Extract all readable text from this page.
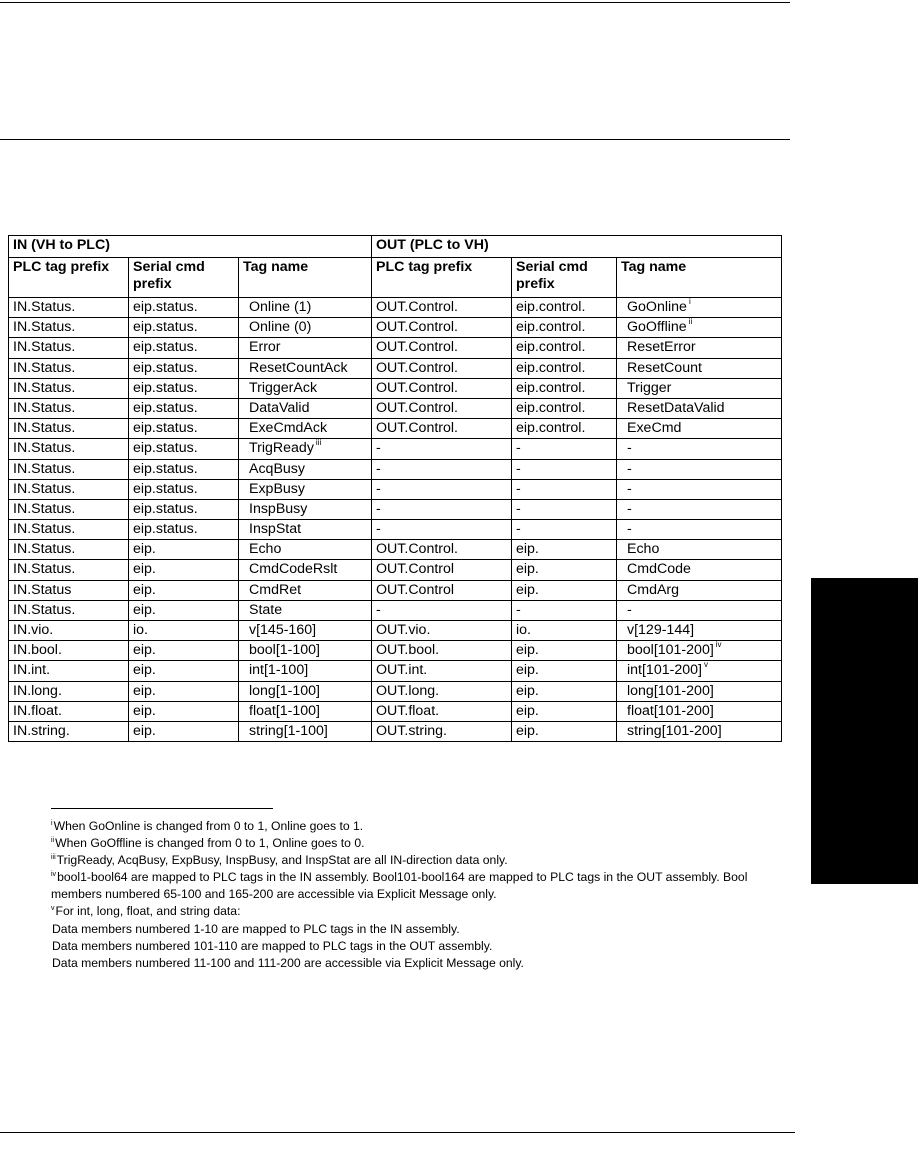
IN (VH to PLC)			OUT (PLC to VH)		
PLC tag prefix	Serial cmd prefix	Tag name	PLC tag prefix	Serial cmd prefix	Tag name
IN.Status.	eip.status.	Online (1)	OUT.Control.	eip.control.	GoOnline $^i$
IN.Status.	eip.status.	Online (0)	OUT.Control.	eip.control.	GoOffline $^{ii}$
IN.Status.	eip.status.	Error	OUT.Control.	eip.control.	ResetError
IN.Status.	eip.status.	ResetCountAck	OUT.Control.	eip.control.	ResetCount
IN.Status.	eip.status.	TriggerAck	OUT.Control.	eip.control.	Trigger
IN.Status.	eip.status.	DataValid	OUT.Control.	eip.control.	ResetDataValid
IN.Status.	eip.status.	ExeCmdAck	OUT.Control.	eip.control.	ExeCmd
IN.Status.	eip.status.	TrigReady $^{iii}$	-	-	-
IN.Status.	eip.status.	AcqBusy	-	-	-
IN.Status.	eip.status.	ExpBusy	-	-	-
IN.Status.	eip.status.	InspBusy	-	-	-
IN.Status.	eip.status.	InspStat	-	-	-
IN.Status.	eip.	Echo	OUT.Control.	eip.	Echo
IN.Status.	eip.	CmdCodeRslt	OUT.Control	eip.	CmdCode
IN.Status	eip.	CmdRet	OUT.Control	eip.	CmdArg
IN.Status.	eip.	State	-	-	-
IN.vio.	io.	v[145-160]	OUT.vio.	io.	v[129-144]
IN.bool.	eip.	bool[1-100]	OUT.bool.	eip.	bool[101-200] $^{iv}$
IN.int.	eip.	int[1-100]	OUT.int.	eip.	int[101-200] $^v$
IN.long.	eip.	long[1-100]	OUT.long.	eip.	long[101-200]
IN.float.	eip.	float[1-100]	OUT.float.	eip.	float[101-200]
IN.string.	eip.	string[1-100]	OUT.string.	eip.	string[101-200]

$^i$When GoOnline is changed from 0 to 1, Online goes to 1.

$^{ii}$When GoOffline is changed from 0 to 1, Online goes to 0.

$^{iii}$TrigReady, AcqBusy, ExpBusy, InspBusy, and InspStat are all IN-direction data only.

$^{iv}$bool1-bool64 are mapped to PLC tags in the IN assembly. Bool101-bool164 are mapped to PLC tags in the OUT assembly. Bool members numbered 65-100 and 165-200 are accessible via Explicit Message only.

$^v$For int, long, float, and string data:

Data members numbered 1-10 are mapped to PLC tags in the IN assembly.

Data members numbered 101-110 are mapped to PLC tags in the OUT assembly.

Data members numbered 11-100 and 111-200 are accessible via Explicit Message only.
